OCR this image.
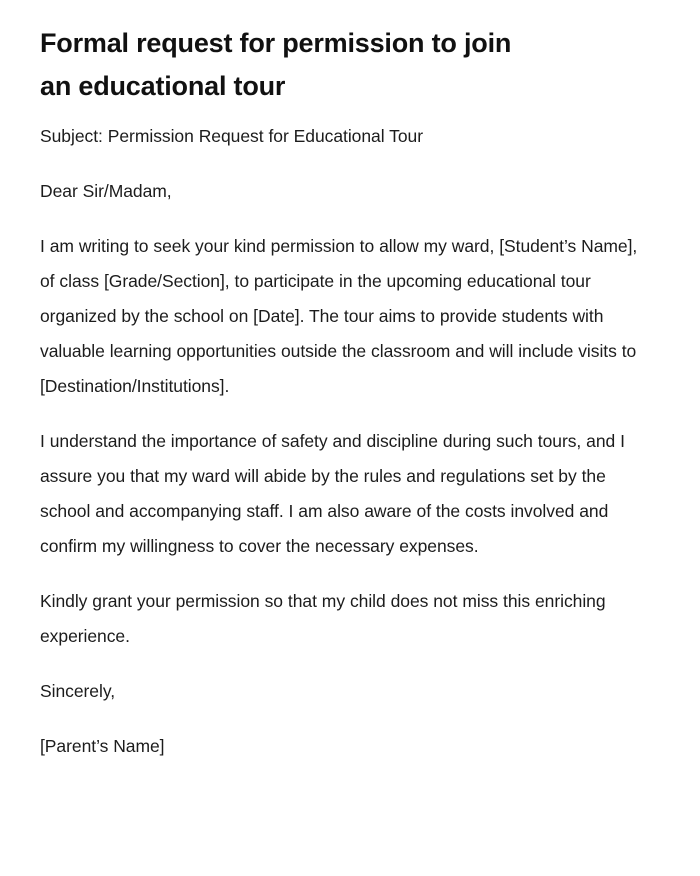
Formal request for permission to join an educational tour

Subject: Permission Request for Educational Tour

Dear Sir/Madam,

I am writing to seek your kind permission to allow my ward, [Student’s Name], of class [Grade/Section], to participate in the upcoming educational tour organized by the school on [Date]. The tour aims to provide students with valuable learning opportunities outside the classroom and will include visits to [Destination/Institutions].

I understand the importance of safety and discipline during such tours, and I assure you that my ward will abide by the rules and regulations set by the school and accompanying staff. I am also aware of the costs involved and confirm my willingness to cover the necessary expenses.

Kindly grant your permission so that my child does not miss this enriching experience.

Sincerely,

[Parent’s Name]
